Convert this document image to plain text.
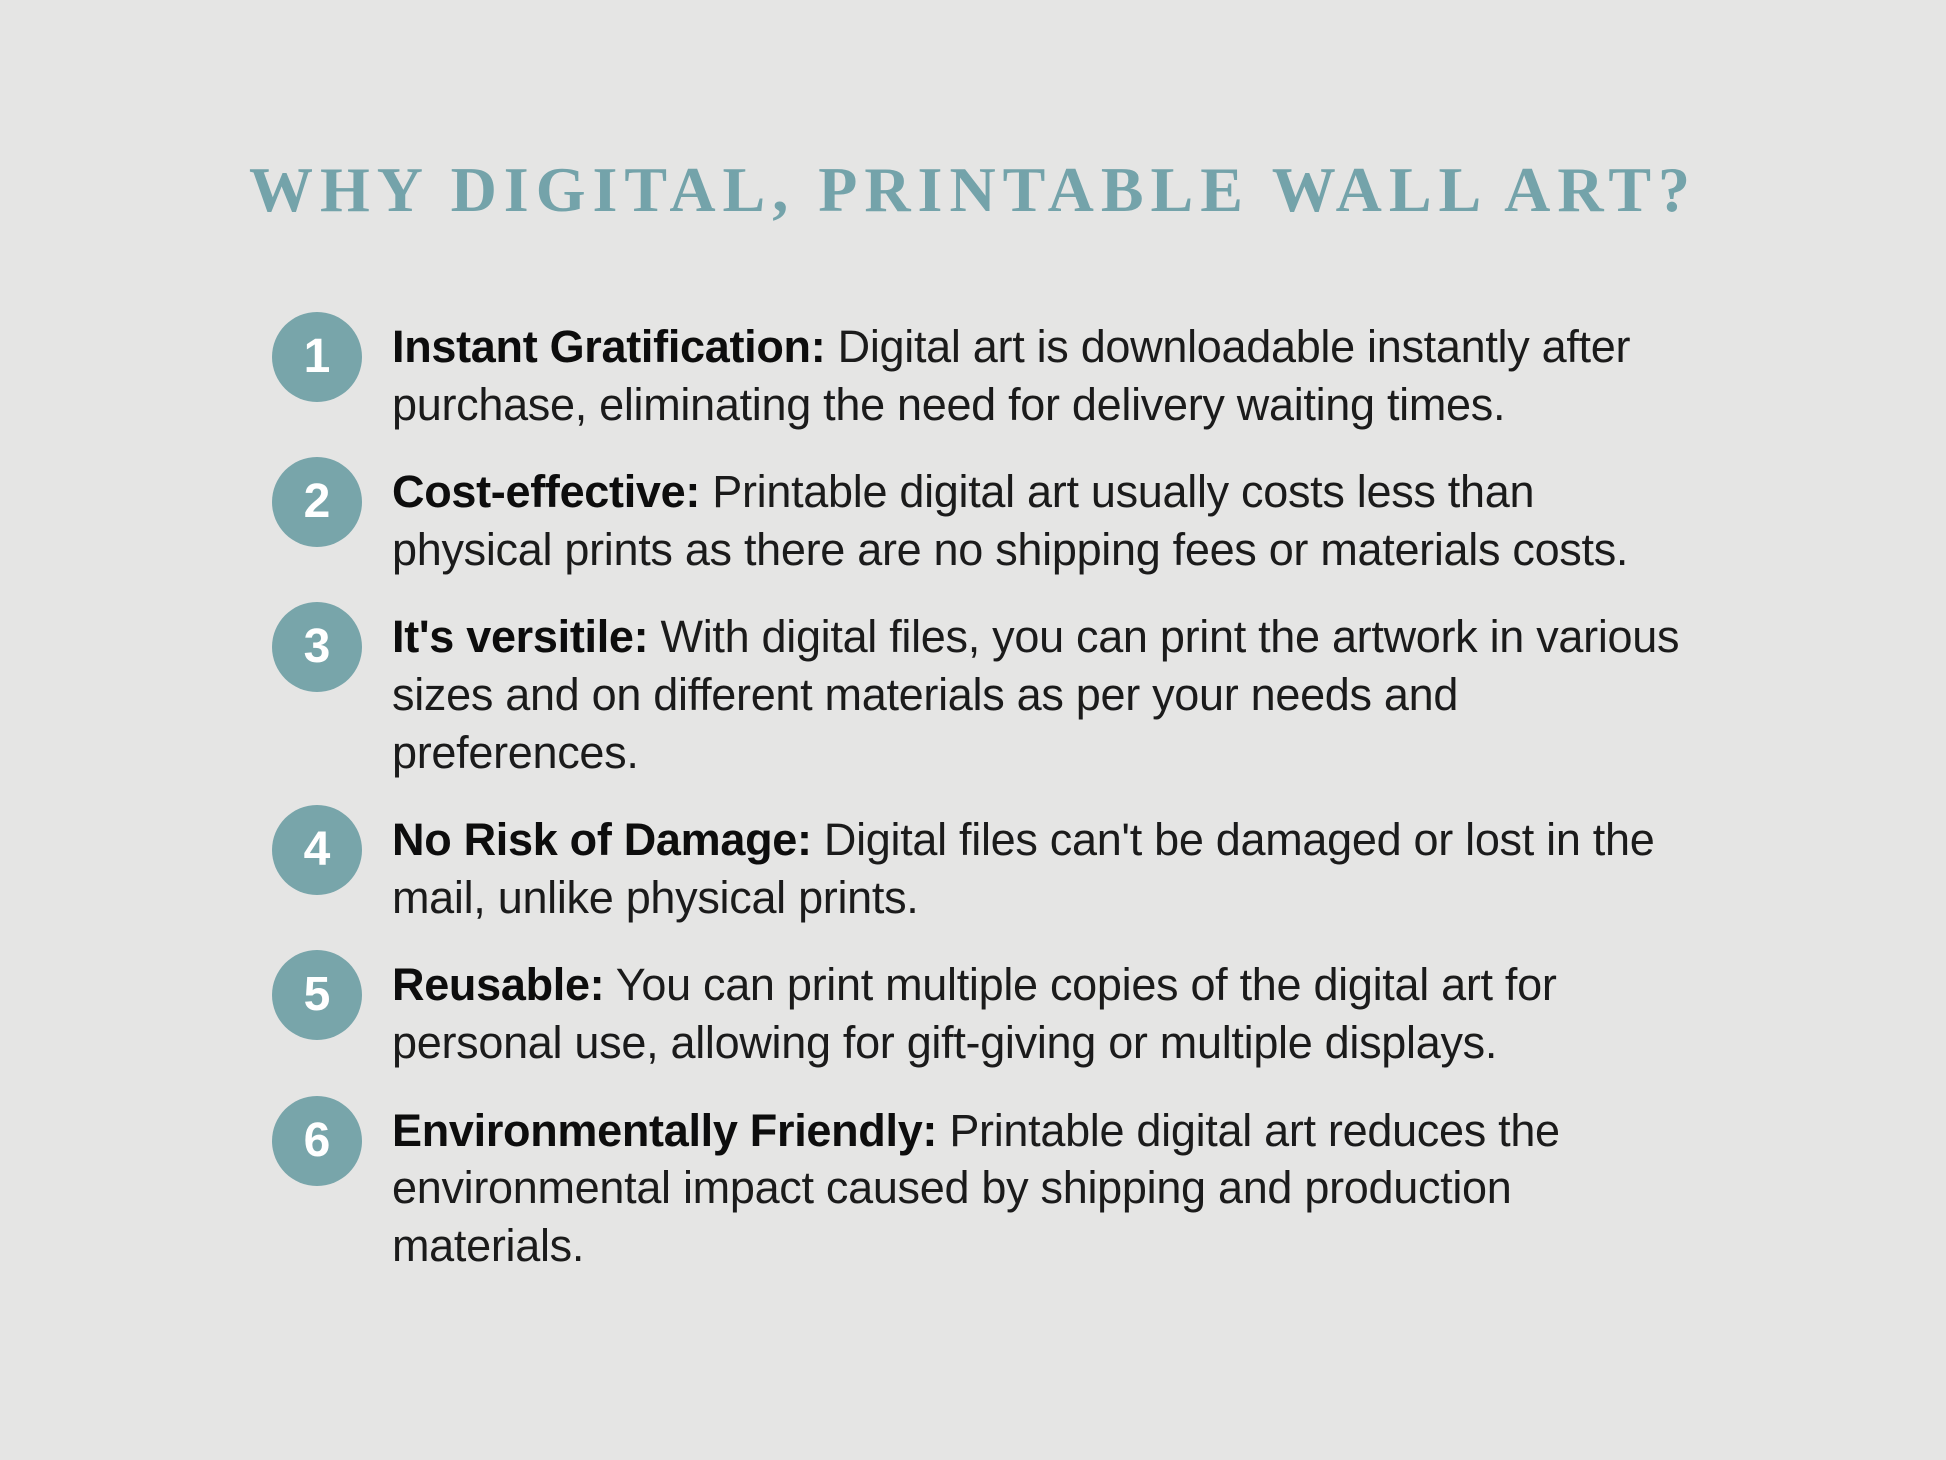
WHY DIGITAL, PRINTABLE WALL ART?
1 Instant Gratification: Digital art is downloadable instantly after purchase, eliminating the need for delivery waiting times.
2 Cost-effective: Printable digital art usually costs less than physical prints as there are no shipping fees or materials costs.
3 It's versitile: With digital files, you can print the artwork in various sizes and on different materials as per your needs and preferences.
4 No Risk of Damage: Digital files can't be damaged or lost in the mail, unlike physical prints.
5 Reusable: You can print multiple copies of the digital art for personal use, allowing for gift-giving or multiple displays.
6 Environmentally Friendly: Printable digital art reduces the environmental impact caused by shipping and production materials.
